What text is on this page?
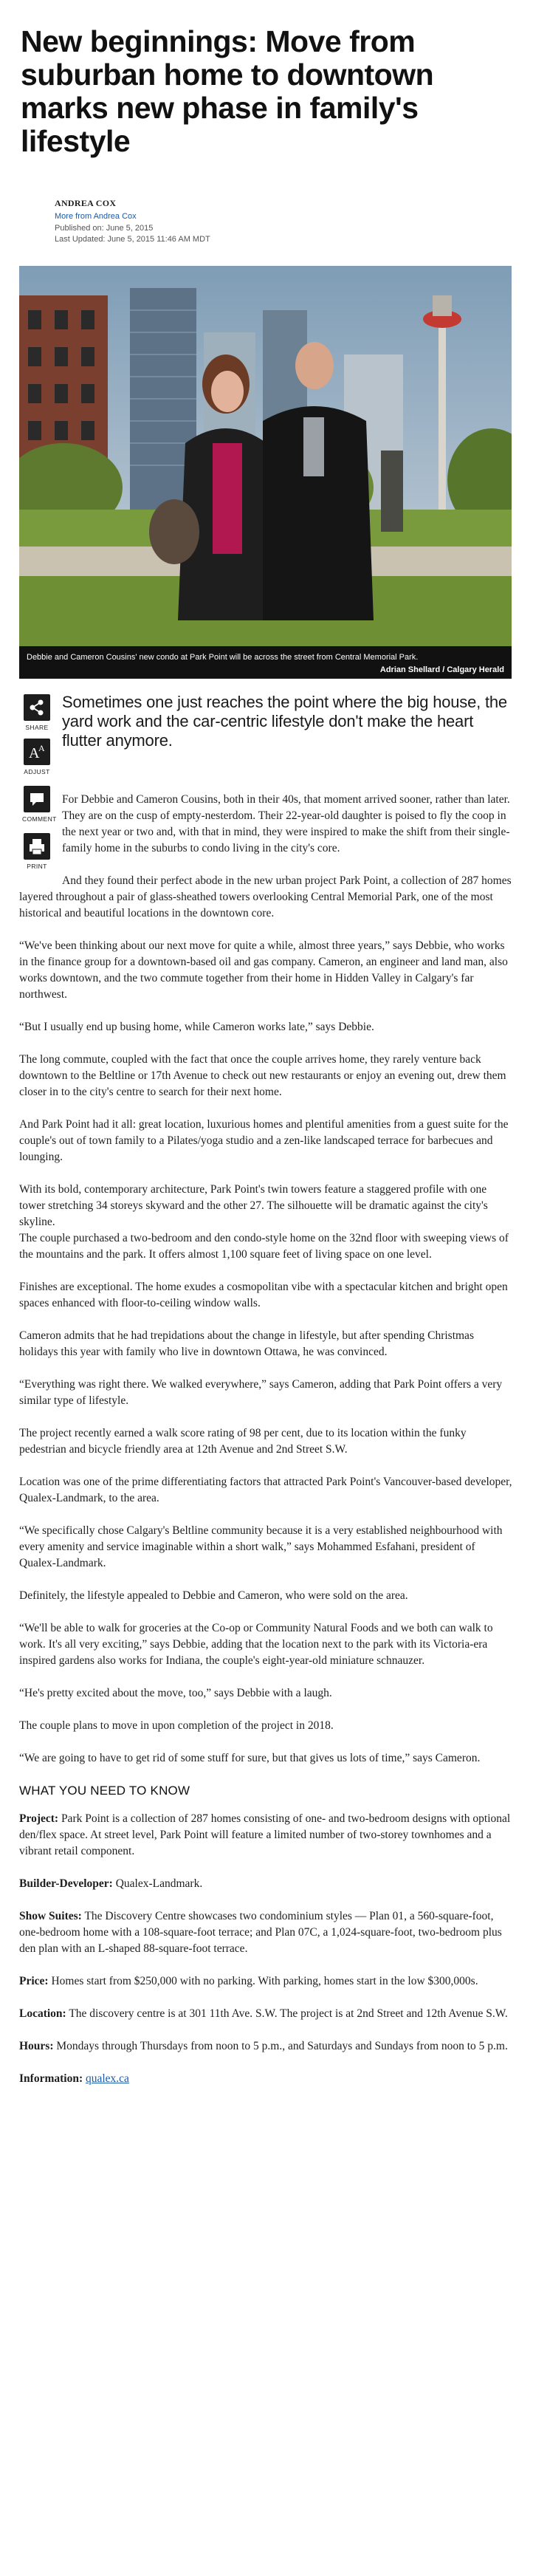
New beginnings: Move from suburban home to downtown marks new phase in family's lifestyle
ANDREA COX
More from Andrea Cox
Published on: June 5, 2015
Last Updated: June 5, 2015 11:46 AM MDT
Debbie and Cameron Cousins' new condo at Park Point will be across the street from Central Memorial Park.
Adrian Shellard / Calgary Herald
SHARE
A
A
ADJUST
COMMENT
PRINT
Sometimes one just reaches the point where the big house, the yard work and the car-centric lifestyle don't make the heart flutter anymore.

For Debbie and Cameron Cousins, both in their 40s, that moment arrived sooner, rather than later.

They are on the cusp of empty-nesterdom. Their 22-year-old daughter is poised to fly the coop in the next year or two and, with that in mind, they were inspired to make the shift from their single-family home in the suburbs to condo living in the city's core.

And they found their perfect abode in the new urban project Park Point, a collection of 287 homes layered throughout a pair of glass-sheathed towers overlooking Central Memorial Park, one of the most historical and beautiful locations in the downtown core.

“We've been thinking about our next move for quite a while, almost three years,” says Debbie, who works in the finance group for a downtown-based oil and gas company. Cameron, an engineer and land man, also works downtown, and the two commute together from their home in Hidden Valley in Calgary's far northwest.

“But I usually end up busing home, while Cameron works late,” says Debbie.

The long commute, coupled with the fact that once the couple arrives home, they rarely venture back downtown to the Beltline or 17th Avenue to check out new restaurants or enjoy an evening out, drew them closer in to the city's centre to search for their next home.

And Park Point had it all: great location, luxurious homes and plentiful amenities from a guest suite for the couple's out of town family to a Pilates/yoga studio and a zen-like landscaped terrace for barbecues and lounging.

With its bold, contemporary architecture, Park Point's twin towers feature a staggered profile with one tower stretching 34 storeys skyward and the other 27. The silhouette will be dramatic against the city's skyline.

The couple purchased a two-bedroom and den condo-style home on the 32nd floor with sweeping views of the mountains and the park. It offers almost 1,100 square feet of living space on one level.

Finishes are exceptional. The home exudes a cosmopolitan vibe with a spectacular kitchen and bright open spaces enhanced with floor-to-ceiling window walls.

Cameron admits that he had trepidations about the change in lifestyle, but after spending Christmas holidays this year with family who live in downtown Ottawa, he was convinced.

“Everything was right there. We walked everywhere,” says Cameron, adding that Park Point offers a very similar type of lifestyle.

The project recently earned a walk score rating of 98 per cent, due to its location within the funky pedestrian and bicycle friendly area at 12th Avenue and 2nd Street S.W.

Location was one of the prime differentiating factors that attracted Park Point's Vancouver-based developer, Qualex-Landmark, to the area.

“We specifically chose Calgary's Beltline community because it is a very established neighbourhood with every amenity and service imaginable within a short walk,” says Mohammed Esfahani, president of Qualex-Landmark.

Definitely, the lifestyle appealed to Debbie and Cameron, who were sold on the area.

“We'll be able to walk for groceries at the Co-op or Community Natural Foods and we both can walk to work. It's all very exciting,” says Debbie, adding that the location next to the park with its Victoria-era inspired gardens also works for Indiana, the couple's eight-year-old miniature schnauzer.

“He's pretty excited about the move, too,” says Debbie with a laugh.

The couple plans to move in upon completion of the project in 2018.

“We are going to have to get rid of some stuff for sure, but that gives us lots of time,” says Cameron.

WHAT YOU NEED TO KNOW

Project: Park Point is a collection of 287 homes consisting of one- and two-bedroom designs with optional den/flex space. At street level, Park Point will feature a limited number of two-storey townhomes and a vibrant retail component.

Builder-Developer: Qualex-Landmark.

Show Suites: The Discovery Centre showcases two condominium styles — Plan 01, a 560-square-foot, one-bedroom home with a 108-square-foot terrace; and Plan 07C, a 1,024-square-foot, two-bedroom plus den plan with an L-shaped 88-square-foot terrace.

Price: Homes start from $250,000 with no parking. With parking, homes start in the low $300,000s.

Location: The discovery centre is at 301 11th Ave. S.W. The project is at 2nd Street and 12th Avenue S.W.

Hours: Mondays through Thursdays from noon to 5 p.m., and Saturdays and Sundays from noon to 5 p.m.

Information: qualex.ca
